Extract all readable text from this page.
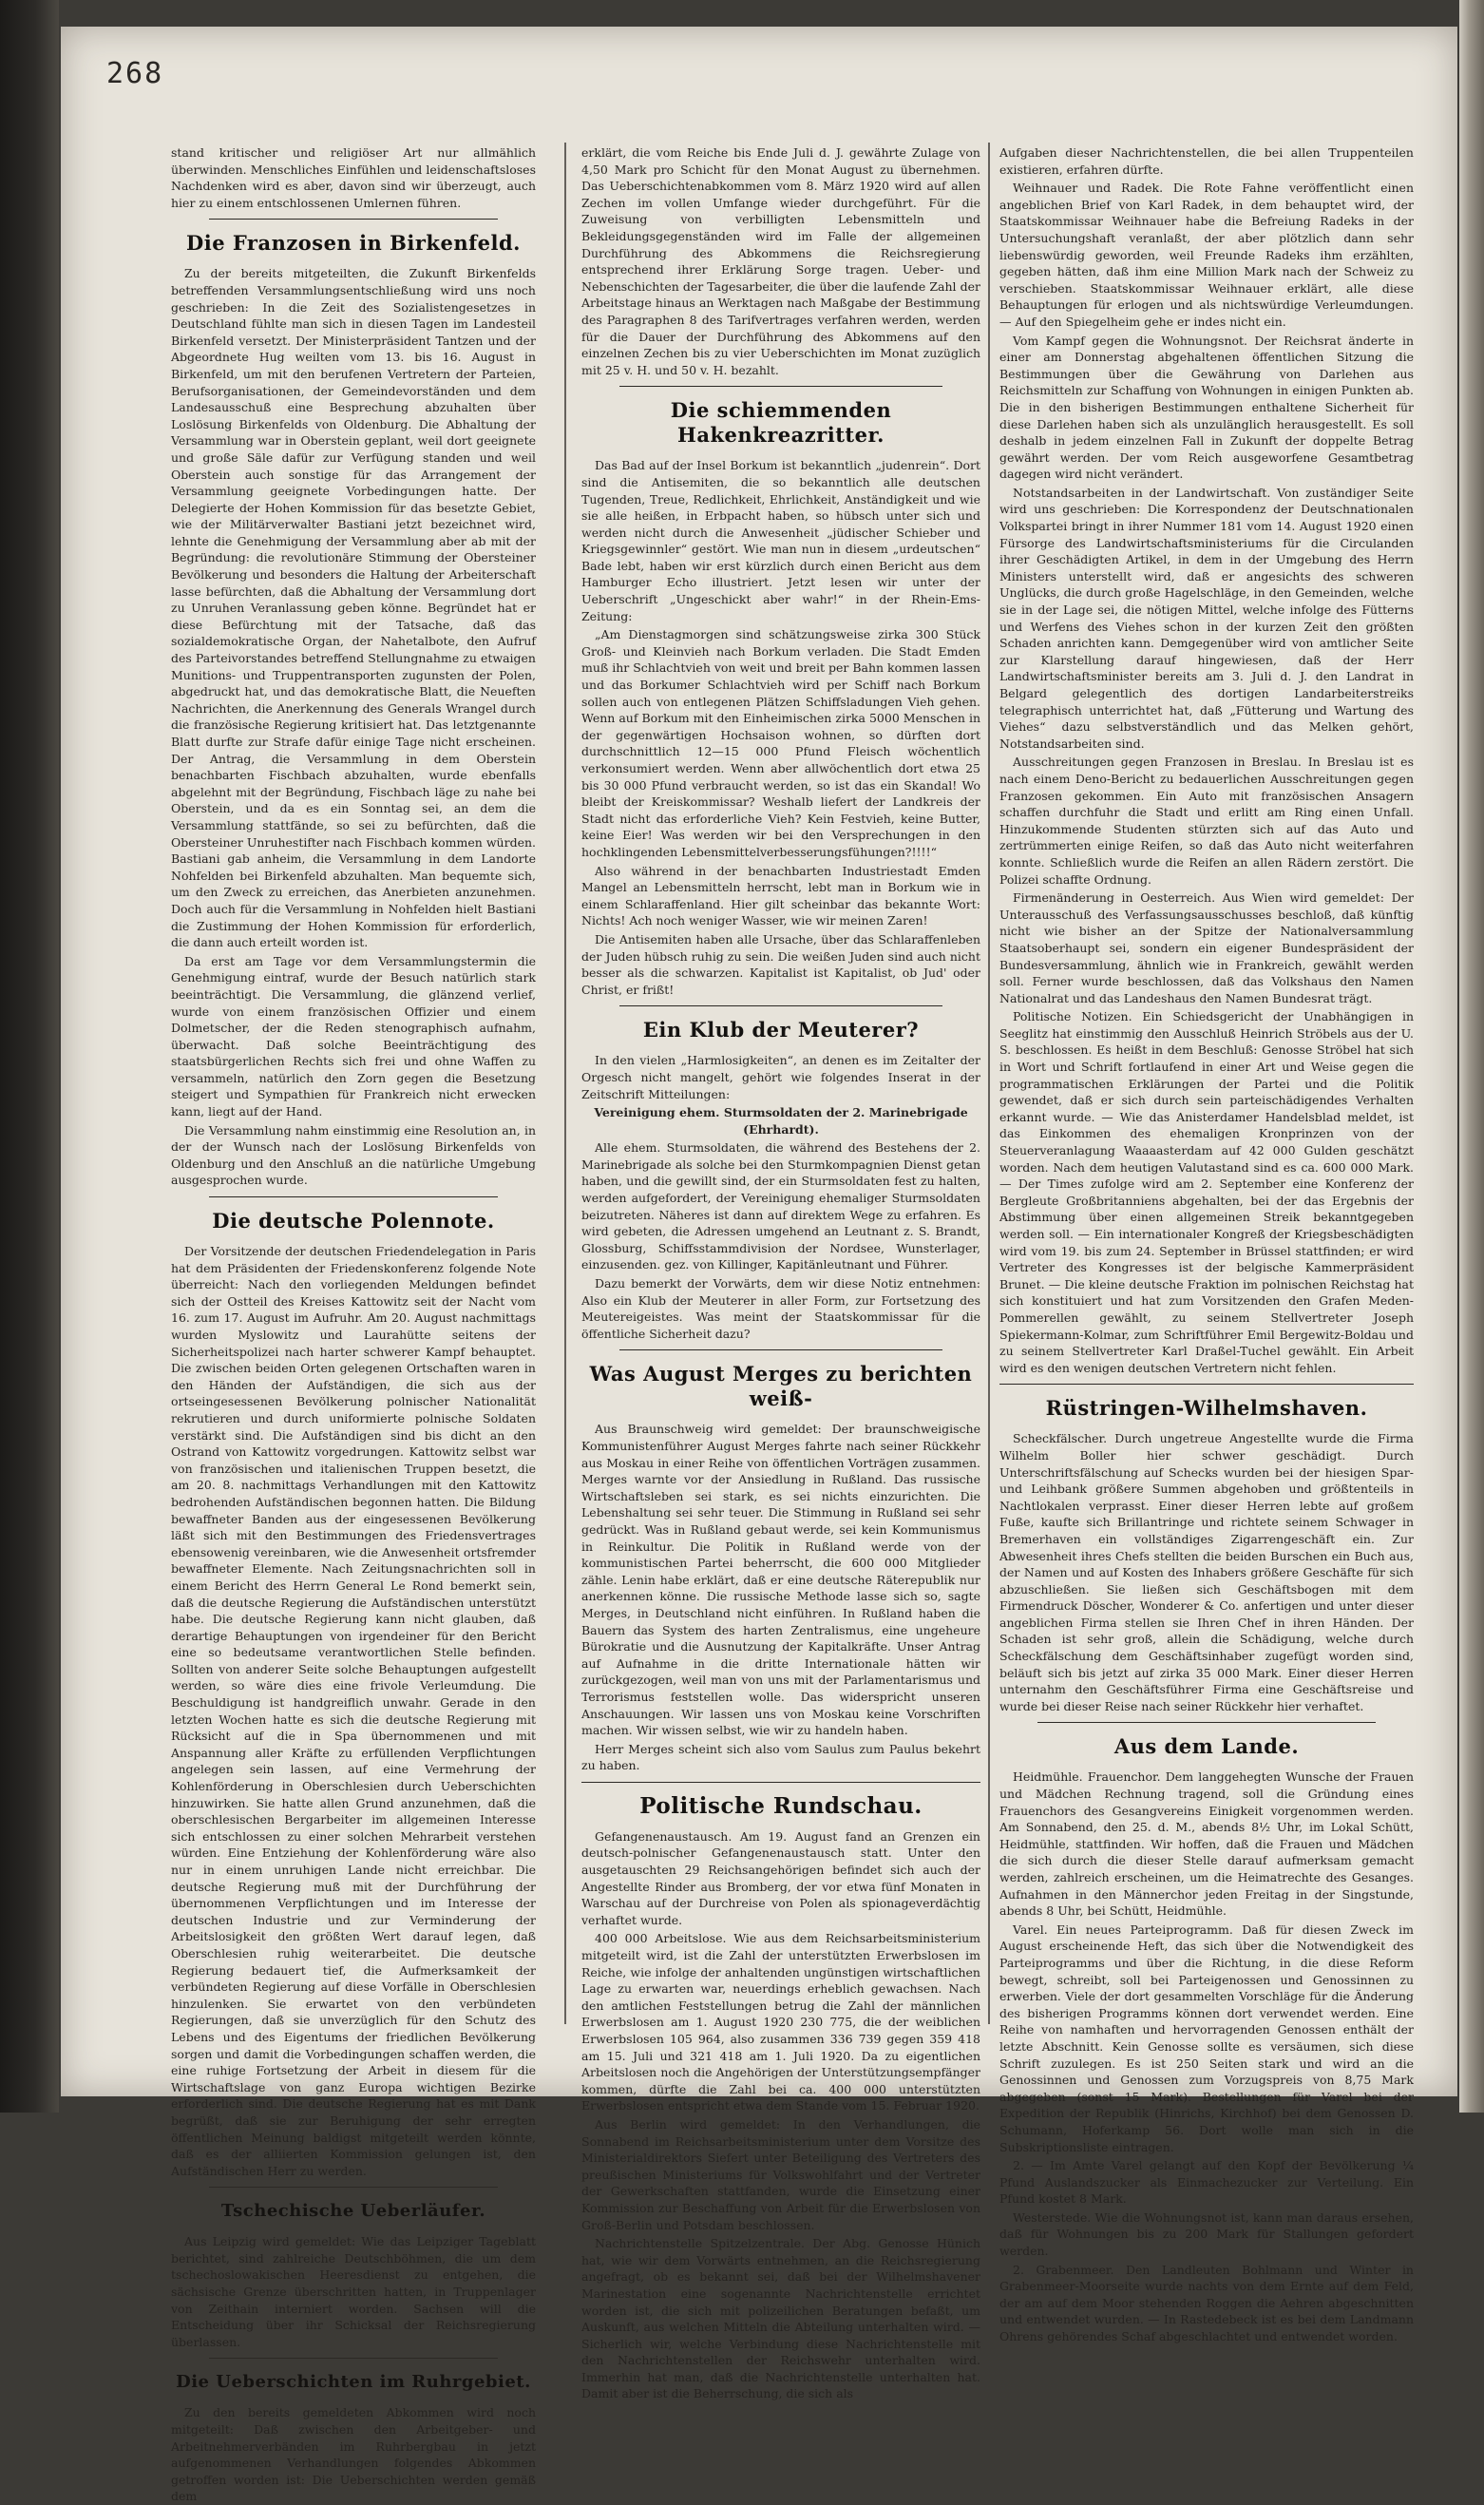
268

stand kritischer und religiöser Art nur allmählich überwinden. Menschliches Einfühlen und leidenschaftsloses Nachdenken wird es aber, davon sind wir überzeugt, auch hier zu einem entschlossenen Umlernen führen.

Die Franzosen in Birkenfeld.

Zu der bereits mitgeteilten, die Zukunft Birkenfelds betreffenden Versammlungsentschließung wird uns noch geschrieben: In die Zeit des Sozialistengesetzes in Deutschland fühlte man sich in diesen Tagen im Landesteil Birkenfeld versetzt. Der Ministerpräsident Tantzen und der Abgeordnete Hug weilten vom 13. bis 16. August in Birkenfeld, um mit den berufenen Vertretern der Parteien, Berufsorganisationen, der Gemeindevorständen und dem Landesausschuß eine Besprechung abzuhalten über Loslösung Birkenfelds von Oldenburg. Die Abhaltung der Versammlung war in Oberstein geplant, weil dort geeignete und große Säle dafür zur Verfügung standen und weil Oberstein auch sonstige für das Arrangement der Versammlung geeignete Vorbedingungen hatte. Der Delegierte der Hohen Kommission für das besetzte Gebiet, wie der Militärverwalter Bastiani jetzt bezeichnet wird, lehnte die Genehmigung der Versammlung aber ab mit der Begründung: die revolutionäre Stimmung der Obersteiner Bevölkerung und besonders die Haltung der Arbeiterschaft lasse befürchten, daß die Abhaltung der Versammlung dort zu Unruhen Veranlassung geben könne. Begründet hat er diese Befürchtung mit der Tatsache, daß das sozialdemokratische Organ, der Nahetalbote, den Aufruf des Parteivorstandes betreffend Stellungnahme zu etwaigen Munitions- und Truppentransporten zugunsten der Polen, abgedruckt hat, und das demokratische Blatt, die Neueften Nachrichten, die Anerkennung des Generals Wrangel durch die französische Regierung kritisiert hat. Das letztgenannte Blatt durfte zur Strafe dafür einige Tage nicht erscheinen. Der Antrag, die Versammlung in dem Oberstein benachbarten Fischbach abzuhalten, wurde ebenfalls abgelehnt mit der Begründung, Fischbach läge zu nahe bei Oberstein, und da es ein Sonntag sei, an dem die Versammlung stattfände, so sei zu befürchten, daß die Obersteiner Unruhestifter nach Fischbach kommen würden. Bastiani gab anheim, die Versammlung in dem Landorte Nohfelden bei Birkenfeld abzuhalten. Man bequemte sich, um den Zweck zu erreichen, das Anerbieten anzunehmen. Doch auch für die Versammlung in Nohfelden hielt Bastiani die Zustimmung der Hohen Kommission für erforderlich, die dann auch erteilt worden ist.

Da erst am Tage vor dem Versammlungstermin die Genehmigung eintraf, wurde der Besuch natürlich stark beeinträchtigt. Die Versammlung, die glänzend verlief, wurde von einem französischen Offizier und einem Dolmetscher, der die Reden stenographisch aufnahm, überwacht. Daß solche Beeinträchtigung des staatsbürgerlichen Rechts sich frei und ohne Waffen zu versammeln, natürlich den Zorn gegen die Besetzung steigert und Sympathien für Frankreich nicht erwecken kann, liegt auf der Hand.

Die Versammlung nahm einstimmig eine Resolution an, in der der Wunsch nach der Loslösung Birkenfelds von Oldenburg und den Anschluß an die natürliche Umgebung ausgesprochen wurde.

Die deutsche Polennote.

Der Vorsitzende der deutschen Friedendelegation in Paris hat dem Präsidenten der Friedenskonferenz folgende Note überreicht: Nach den vorliegenden Meldungen befindet sich der Ostteil des Kreises Kattowitz seit der Nacht vom 16. zum 17. August im Aufruhr. Am 20. August nachmittags wurden Myslowitz und Laurahütte seitens der Sicherheitspolizei nach harter schwerer Kampf behauptet. Die zwischen beiden Orten gelegenen Ortschaften waren in den Händen der Aufständigen, die sich aus der ortseingesessenen Bevölkerung polnischer Nationalität rekrutieren und durch uniformierte polnische Soldaten verstärkt sind. Die Aufständigen sind bis dicht an den Ostrand von Kattowitz vorgedrungen. Kattowitz selbst war von französischen und italienischen Truppen besetzt, die am 20. 8. nachmittags Verhandlungen mit den Kattowitz bedrohenden Aufständischen begonnen hatten. Die Bildung bewaffneter Banden aus der eingesessenen Bevölkerung läßt sich mit den Bestimmungen des Friedensvertrages ebensowenig vereinbaren, wie die Anwesenheit ortsfremder bewaffneter Elemente. Nach Zeitungsnachrichten soll in einem Bericht des Herrn General Le Rond bemerkt sein, daß die deutsche Regierung die Aufständischen unterstützt habe. Die deutsche Regierung kann nicht glauben, daß derartige Behauptungen von irgendeiner für den Bericht eine so bedeutsame verantwortlichen Stelle befinden. Sollten von anderer Seite solche Behauptungen aufgestellt werden, so wäre dies eine frivole Verleumdung. Die Beschuldigung ist handgreiflich unwahr. Gerade in den letzten Wochen hatte es sich die deutsche Regierung mit Rücksicht auf die in Spa übernommenen und mit Anspannung aller Kräfte zu erfüllenden Verpflichtungen angelegen sein lassen, auf eine Vermehrung der Kohlenförderung in Oberschlesien durch Ueberschichten hinzuwirken. Sie hatte allen Grund anzunehmen, daß die oberschlesischen Bergarbeiter im allgemeinen Interesse sich entschlossen zu einer solchen Mehrarbeit verstehen würden. Eine Entziehung der Kohlenförderung wäre also nur in einem unruhigen Lande nicht erreichbar. Die deutsche Regierung muß mit der Durchführung der übernommenen Verpflichtungen und im Interesse der deutschen Industrie und zur Verminderung der Arbeitslosigkeit den größten Wert darauf legen, daß Oberschlesien ruhig weiterarbeitet. Die deutsche Regierung bedauert tief, die Aufmerksamkeit der verbündeten Regierung auf diese Vorfälle in Oberschlesien hinzulenken. Sie erwartet von den verbündeten Regierungen, daß sie unverzüglich für den Schutz des Lebens und des Eigentums der friedlichen Bevölkerung sorgen und damit die Vorbedingungen schaffen werden, die eine ruhige Fortsetzung der Arbeit in diesem für die Wirtschaftslage von ganz Europa wichtigen Bezirke erforderlich sind. Die deutsche Regierung hat es mit Dank begrüßt, daß sie zur Beruhigung der sehr erregten öffentlichen Meinung baldigst mitgeteilt werden könnte, daß es der alliierten Kommission gelungen ist, den Aufständischen Herr zu werden.

Tschechische Ueberläufer.

Aus Leipzig wird gemeldet: Wie das Leipziger Tageblatt berichtet, sind zahlreiche Deutschböhmen, die um dem tschechoslowakischen Heeresdienst zu entgehen, die sächsische Grenze überschritten hatten, in Truppenlager von Zeithain interniert worden. Sachsen will die Entscheidung über ihr Schicksal der Reichsregierung überlassen.

Die Ueberschichten im Ruhrgebiet.

Zu den bereits gemeldeten Abkommen wird noch mitgeteilt: Daß zwischen den Arbeitgeber- und Arbeitnehmerverbänden im Ruhrbergbau in jetzt aufgenommenen Verhandlungen folgendes Abkommen getroffen worden ist: Die Ueberschichten werden gemäß dem

erklärt, die vom Reiche bis Ende Juli d. J. gewährte Zulage von 4,50 Mark pro Schicht für den Monat August zu übernehmen. Das Ueberschichtenabkommen vom 8. März 1920 wird auf allen Zechen im vollen Umfange wieder durchgeführt. Für die Zuweisung von verbilligten Lebensmitteln und Bekleidungsgegenständen wird im Falle der allgemeinen Durchführung des Abkommens die Reichsregierung entsprechend ihrer Erklärung Sorge tragen. Ueber- und Nebenschichten der Tagesarbeiter, die über die laufende Zahl der Arbeitstage hinaus an Werktagen nach Maßgabe der Bestimmung des Paragraphen 8 des Tarifvertrages verfahren werden, werden für die Dauer der Durchführung des Abkommens auf den einzelnen Zechen bis zu vier Ueberschichten im Monat zuzüglich mit 25 v. H. und 50 v. H. bezahlt.

Die schiemmenden Hakenkreazritter.

Das Bad auf der Insel Borkum ist bekanntlich „judenrein“. Dort sind die Antisemiten, die so bekanntlich alle deutschen Tugenden, Treue, Redlichkeit, Ehrlichkeit, Anständigkeit und wie sie alle heißen, in Erbpacht haben, so hübsch unter sich und werden nicht durch die Anwesenheit „jüdischer Schieber und Kriegsgewinnler“ gestört. Wie man nun in diesem „urdeutschen“ Bade lebt, haben wir erst kürzlich durch einen Bericht aus dem Hamburger Echo illustriert. Jetzt lesen wir unter der Ueberschrift „Ungeschickt aber wahr!“ in der Rhein-Ems-Zeitung:

„Am Dienstagmorgen sind schätzungsweise zirka 300 Stück Groß- und Kleinvieh nach Borkum verladen. Die Stadt Emden muß ihr Schlachtvieh von weit und breit per Bahn kommen lassen und das Borkumer Schlachtvieh wird per Schiff nach Borkum sollen auch von entlegenen Plätzen Schiffsladungen Vieh gehen. Wenn auf Borkum mit den Einheimischen zirka 5000 Menschen in der gegenwärtigen Hochsaison wohnen, so dürften dort durchschnittlich 12—15 000 Pfund Fleisch wöchentlich verkonsumiert werden. Wenn aber allwöchentlich dort etwa 25 bis 30 000 Pfund verbraucht werden, so ist das ein Skandal! Wo bleibt der Kreiskommissar? Weshalb liefert der Landkreis der Stadt nicht das erforderliche Vieh? Kein Festvieh, keine Butter, keine Eier! Was werden wir bei den Versprechungen in den hochklingenden Lebensmittelverbesserungsfühungen?!!!!“

Also während in der benachbarten Industriestadt Emden Mangel an Lebensmitteln herrscht, lebt man in Borkum wie in einem Schlaraffenland. Hier gilt scheinbar das bekannte Wort: Nichts! Ach noch weniger Wasser, wie wir meinen Zaren!

Die Antisemiten haben alle Ursache, über das Schlaraffenleben der Juden hübsch ruhig zu sein. Die weißen Juden sind auch nicht besser als die schwarzen. Kapitalist ist Kapitalist, ob Jud' oder Christ, er frißt!

Ein Klub der Meuterer?

In den vielen „Harmlosigkeiten“, an denen es im Zeitalter der Orgesch nicht mangelt, gehört wie folgendes Inserat in der Zeitschrift Mitteilungen:

Vereinigung ehem. Sturmsoldaten der 2. Marinebrigade (Ehrhardt).

Alle ehem. Sturmsoldaten, die während des Bestehens der 2. Marinebrigade als solche bei den Sturmkompagnien Dienst getan haben, und die gewillt sind, der ein Sturmsoldaten fest zu halten, werden aufgefordert, der Vereinigung ehemaliger Sturmsoldaten beizutreten. Näheres ist dann auf direktem Wege zu erfahren. Es wird gebeten, die Adressen umgehend an Leutnant z. S. Brandt, Glossburg, Schiffsstammdivision der Nordsee, Wunsterlager, einzusenden. gez. von Killinger, Kapitänleutnant und Führer.

Dazu bemerkt der Vorwärts, dem wir diese Notiz entnehmen: Also ein Klub der Meuterer in aller Form, zur Fortsetzung des Meutereigeistes. Was meint der Staatskommissar für die öffentliche Sicherheit dazu?

Was August Merges zu berichten weiß-

Aus Braunschweig wird gemeldet: Der braunschweigische Kommunistenführer August Merges fahrte nach seiner Rückkehr aus Moskau in einer Reihe von öffentlichen Vorträgen zusammen. Merges warnte vor der Ansiedlung in Rußland. Das russische Wirtschaftsleben sei stark, es sei nichts einzurichten. Die Lebenshaltung sei sehr teuer. Die Stimmung in Rußland sei sehr gedrückt. Was in Rußland gebaut werde, sei kein Kommunismus in Reinkultur. Die Politik in Rußland werde von der kommunistischen Partei beherrscht, die 600 000 Mitglieder zähle. Lenin habe erklärt, daß er eine deutsche Räterepublik nur anerkennen könne. Die russische Methode lasse sich so, sagte Merges, in Deutschland nicht einführen. In Rußland haben die Bauern das System des harten Zentralismus, eine ungeheure Bürokratie und die Ausnutzung der Kapitalkräfte. Unser Antrag auf Aufnahme in die dritte Internationale hätten wir zurückgezogen, weil man von uns mit der Parlamentarismus und Terrorismus feststellen wolle. Das widerspricht unseren Anschauungen. Wir lassen uns von Moskau keine Vorschriften machen. Wir wissen selbst, wie wir zu handeln haben.

Herr Merges scheint sich also vom Saulus zum Paulus bekehrt zu haben.

Politische Rundschau.

Gefangenenaustausch. Am 19. August fand an Grenzen ein deutsch-polnischer Gefangenenaustausch statt. Unter den ausgetauschten 29 Reichsangehörigen befindet sich auch der Angestellte Rinder aus Bromberg, der vor etwa fünf Monaten in Warschau auf der Durchreise von Polen als spionageverdächtig verhaftet wurde.

400 000 Arbeitslose. Wie aus dem Reichsarbeitsministerium mitgeteilt wird, ist die Zahl der unterstützten Erwerbslosen im Reiche, wie infolge der anhaltenden ungünstigen wirtschaftlichen Lage zu erwarten war, neuerdings erheblich gewachsen. Nach den amtlichen Feststellungen betrug die Zahl der männlichen Erwerbslosen am 1. August 1920 230 775, die der weiblichen Erwerbslosen 105 964, also zusammen 336 739 gegen 359 418 am 15. Juli und 321 418 am 1. Juli 1920. Da zu eigentlichen Arbeitslosen noch die Angehörigen der Unterstützungsempfänger kommen, dürfte die Zahl bei ca. 400 000 unterstützten Erwerbslosen entspricht etwa dem Stande vom 15. Februar 1920.

Aus Berlin wird gemeldet: In den Verhandlungen, die Sonnabend im Reichsarbeitsministerium unter dem Vorsitze des Ministerialdirektors Siefert unter Beteiligung des Vertreters des preußischen Ministeriums für Volkswohlfahrt und der Vertreter der Gewerkschaften stattfanden, wurde die Einsetzung einer Kommission zur Beschaffung von Arbeit für die Erwerbslosen von Groß-Berlin und Potsdam beschlossen.

Nachrichtenstelle Spitzelzentrale. Der Abg. Genosse Hünich hat, wie wir dem Vorwärts entnehmen, an die Reichsregierung angefragt, ob es bekannt sei, daß bei der Wilhelmshavener Marinestation eine sogenannte Nachrichtenstelle errichtet worden ist, die sich mit polizeilichen Beratungen befaßt, um Auskunft, aus welchen Mitteln die Abteilung unterhalten wird. — Sicherlich wir, welche Verbindung diese Nachrichtenstelle mit den Nachrichtenstellen der Reichswehr unterhalten wird. Immerhin hat man, daß die Nachrichtenstelle unterhalten hat. Damit aber ist die Beherrschung, die sich als

Aufgaben dieser Nachrichtenstellen, die bei allen Truppenteilen existieren, erfahren dürfte.

Weihnauer und Radek. Die Rote Fahne veröffentlicht einen angeblichen Brief von Karl Radek, in dem behauptet wird, der Staatskommissar Weihnauer habe die Befreiung Radeks in der Untersuchungshaft veranlaßt, der aber plötzlich dann sehr liebenswürdig geworden, weil Freunde Radeks ihm erzählten, gegeben hätten, daß ihm eine Million Mark nach der Schweiz zu verschieben. Staatskommissar Weihnauer erklärt, alle diese Behauptungen für erlogen und als nichtswürdige Verleumdungen. — Auf den Spiegelheim gehe er indes nicht ein.

Vom Kampf gegen die Wohnungsnot. Der Reichsrat änderte in einer am Donnerstag abgehaltenen öffentlichen Sitzung die Bestimmungen über die Gewährung von Darlehen aus Reichsmitteln zur Schaffung von Wohnungen in einigen Punkten ab. Die in den bisherigen Bestimmungen enthaltene Sicherheit für diese Darlehen haben sich als unzulänglich herausgestellt. Es soll deshalb in jedem einzelnen Fall in Zukunft der doppelte Betrag gewährt werden. Der vom Reich ausgeworfene Gesamtbetrag dagegen wird nicht verändert.

Notstandsarbeiten in der Landwirtschaft. Von zuständiger Seite wird uns geschrieben: Die Korrespondenz der Deutschnationalen Volkspartei bringt in ihrer Nummer 181 vom 14. August 1920 einen Fürsorge des Landwirtschaftsministeriums für die Circulanden ihrer Geschädigten Artikel, in dem in der Umgebung des Herrn Ministers unterstellt wird, daß er angesichts des schweren Unglücks, die durch große Hagelschläge, in den Gemeinden, welche sie in der Lage sei, die nötigen Mittel, welche infolge des Fütterns und Werfens des Viehes schon in der kurzen Zeit den größten Schaden anrichten kann. Demgegenüber wird von amtlicher Seite zur Klarstellung darauf hingewiesen, daß der Herr Landwirtschaftsminister bereits am 3. Juli d. J. den Landrat in Belgard gelegentlich des dortigen Landarbeiterstreiks telegraphisch unterrichtet hat, daß „Fütterung und Wartung des Viehes“ dazu selbstverständlich und das Melken gehört, Notstandsarbeiten sind.

Ausschreitungen gegen Franzosen in Breslau. In Breslau ist es nach einem Deno-Bericht zu bedauerlichen Ausschreitungen gegen Franzosen gekommen. Ein Auto mit französischen Ansagern schaffen durchfuhr die Stadt und erlitt am Ring einen Unfall. Hinzukommende Studenten stürzten sich auf das Auto und zertrümmerten einige Reifen, so daß das Auto nicht weiterfahren konnte. Schließlich wurde die Reifen an allen Rädern zerstört. Die Polizei schaffte Ordnung.

Firmenänderung in Oesterreich. Aus Wien wird gemeldet: Der Unterausschuß des Verfassungsausschusses beschloß, daß künftig nicht wie bisher an der Spitze der Nationalversammlung Staatsoberhaupt sei, sondern ein eigener Bundespräsident der Bundesversammlung, ähnlich wie in Frankreich, gewählt werden soll. Ferner wurde beschlossen, daß das Volkshaus den Namen Nationalrat und das Landeshaus den Namen Bundesrat trägt.

Politische Notizen. Ein Schiedsgericht der Unabhängigen in Seeglitz hat einstimmig den Ausschluß Heinrich Ströbels aus der U. S. beschlossen. Es heißt in dem Beschluß: Genosse Ströbel hat sich in Wort und Schrift fortlaufend in einer Art und Weise gegen die programmatischen Erklärungen der Partei und die Politik gewendet, daß er sich durch sein parteischädigendes Verhalten erkannt wurde. — Wie das Anisterdamer Handelsblad meldet, ist das Einkommen des ehemaligen Kronprinzen von der Steuerveranlagung Waaaasterdam auf 42 000 Gulden geschätzt worden. Nach dem heutigen Valutastand sind es ca. 600 000 Mark. — Der Times zufolge wird am 2. September eine Konferenz der Bergleute Großbritanniens abgehalten, bei der das Ergebnis der Abstimmung über einen allgemeinen Streik bekanntgegeben werden soll. — Ein internationaler Kongreß der Kriegsbeschädigten wird vom 19. bis zum 24. September in Brüssel stattfinden; er wird Vertreter des Kongresses ist der belgische Kammerpräsident Brunet. — Die kleine deutsche Fraktion im polnischen Reichstag hat sich konstituiert und hat zum Vorsitzenden den Grafen Meden-Pommerellen gewählt, zu seinem Stellvertreter Joseph Spiekermann-Kolmar, zum Schriftführer Emil Bergewitz-Boldau und zu seinem Stellvertreter Karl Draßel-Tuchel gewählt. Ein Arbeit wird es den wenigen deutschen Vertretern nicht fehlen.

Rüstringen-Wilhelmshaven.

Scheckfälscher. Durch ungetreue Angestellte wurde die Firma Wilhelm Boller hier schwer geschädigt. Durch Unterschriftsfälschung auf Schecks wurden bei der hiesigen Spar- und Leihbank größere Summen abgehoben und größtenteils in Nachtlokalen verprasst. Einer dieser Herren lebte auf großem Fuße, kaufte sich Brillantringe und richtete seinem Schwager in Bremerhaven ein vollständiges Zigarrengeschäft ein. Zur Abwesenheit ihres Chefs stellten die beiden Burschen ein Buch aus, der Namen und auf Kosten des Inhabers größere Geschäfte für sich abzuschließen. Sie ließen sich Geschäftsbogen mit dem Firmendruck Döscher, Wonderer & Co. anfertigen und unter dieser angeblichen Firma stellen sie Ihren Chef in ihren Händen. Der Schaden ist sehr groß, allein die Schädigung, welche durch Scheckfälschung dem Geschäftsinhaber zugefügt worden sind, beläuft sich bis jetzt auf zirka 35 000 Mark. Einer dieser Herren unternahm den Geschäftsführer Firma eine Geschäftsreise und wurde bei dieser Reise nach seiner Rückkehr hier verhaftet.

Aus dem Lande.

Heidmühle. Frauenchor. Dem langgehegten Wunsche der Frauen und Mädchen Rechnung tragend, soll die Gründung eines Frauenchors des Gesangvereins Einigkeit vorgenommen werden. Am Sonnabend, den 25. d. M., abends 8½ Uhr, im Lokal Schütt, Heidmühle, stattfinden. Wir hoffen, daß die Frauen und Mädchen die sich durch die dieser Stelle darauf aufmerksam gemacht werden, zahlreich erscheinen, um die Heimatrechte des Gesanges. Aufnahmen in den Männerchor jeden Freitag in der Singstunde, abends 8 Uhr, bei Schütt, Heidmühle.

Varel. Ein neues Parteiprogramm. Daß für diesen Zweck im August erscheinende Heft, das sich über die Notwendigkeit des Parteiprogramms und über die Richtung, in die diese Reform bewegt, schreibt, soll bei Parteigenossen und Genossinnen zu erwerben. Viele der dort gesammelten Vorschläge für die Änderung des bisherigen Programms können dort verwendet werden. Eine Reihe von namhaften und hervorragenden Genossen enthält der letzte Abschnitt. Kein Genosse sollte es versäumen, sich diese Schrift zuzulegen. Es ist 250 Seiten stark und wird an die Genossinnen und Genossen zum Vorzugspreis von 8,75 Mark abgegeben (sonst 15 Mark). Bestellungen für Varel bei der Expedition der Republik (Hinrichs, Kirchhof) bei dem Genossen D. Schumann, Hoferkamp 56. Dort wolle man sich in die Subskriptionsliste eintragen.

2. — Im Amte Varel gelangt auf den Kopf der Bevölkerung ¼ Pfund Auslandszucker als Einmachezucker zur Verteilung. Ein Pfund kostet 8 Mark.

Westerstede. Wie die Wohnungsnot ist, kann man daraus ersehen, daß für Wohnungen bis zu 200 Mark für Stallungen gefordert werden.

2. Grabenmeer. Den Landleuten Bohlmann und Winter in Grabenmeer-Moorseite wurde nachts von dem Ernte auf dem Feld, der am auf dem Moor stehenden Roggen die Aehren abgeschnitten und entwendet wurden. — In Rastedebeck ist es bei dem Landmann Ohrens gehörendes Schaf abgeschlachtet und entwendet worden.
